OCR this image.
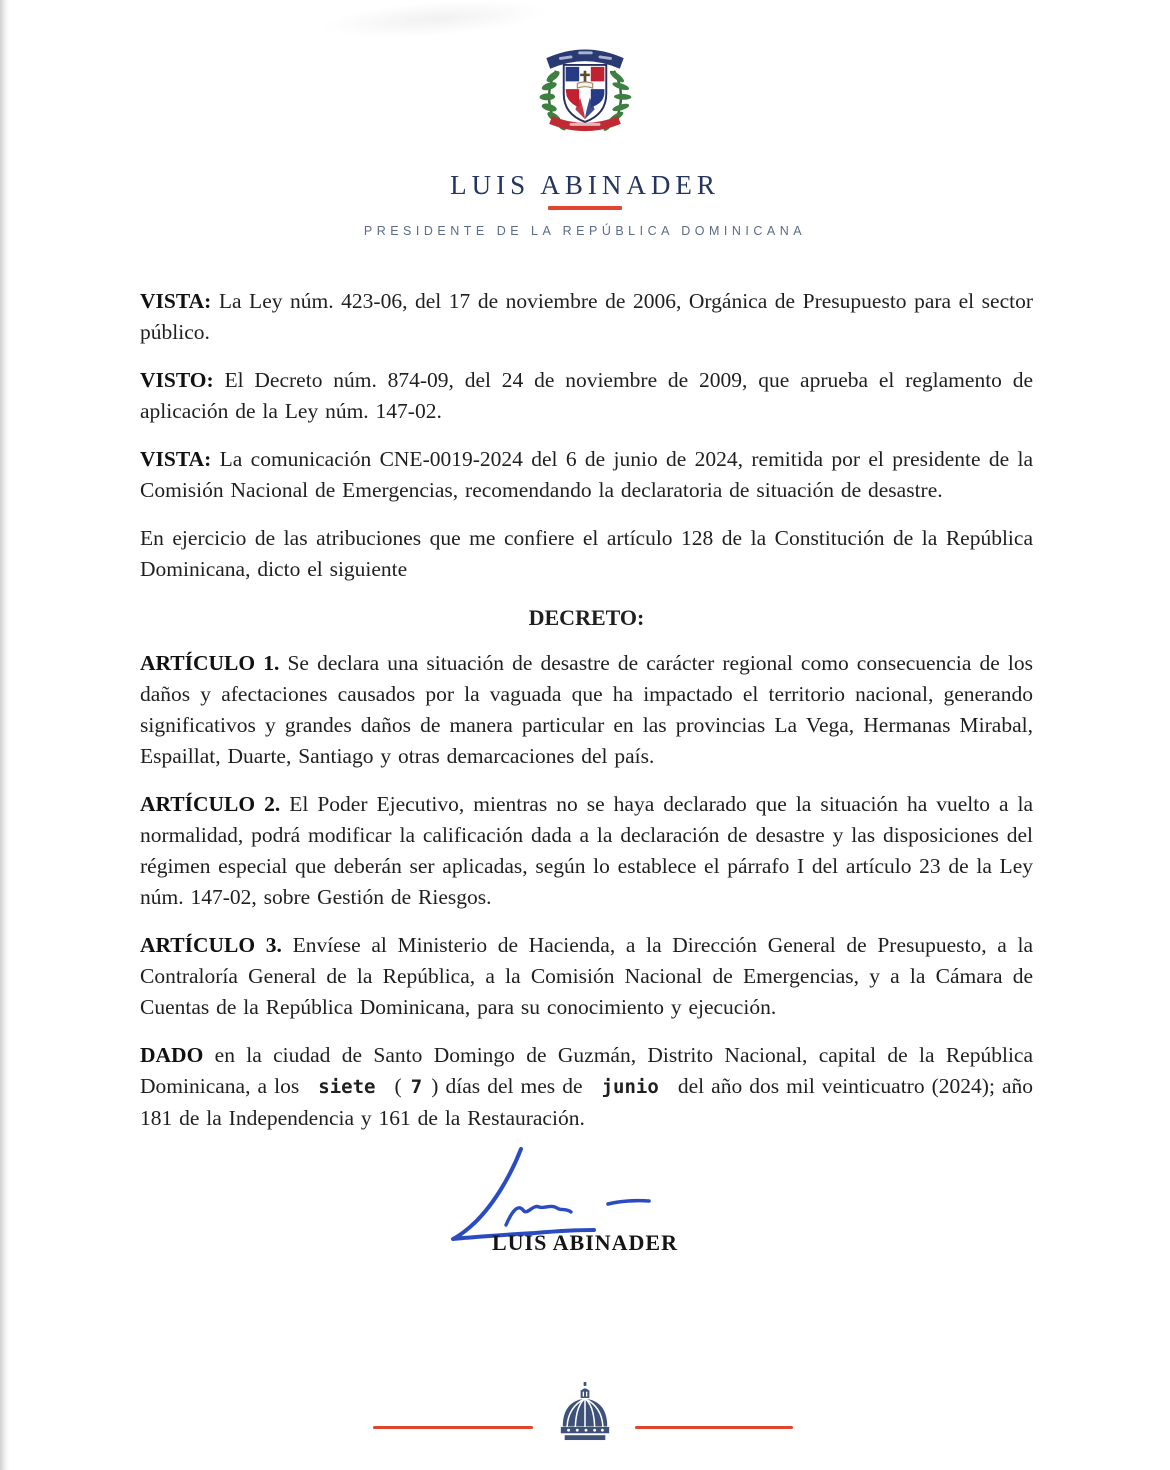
LUIS ABINADER
PRESIDENTE DE LA REPÚBLICA DOMINICANA

VISTA: La Ley núm. 423-06, del 17 de noviembre de 2006, Orgánica de Presupuesto para el sector público.

VISTO: El Decreto núm. 874-09, del 24 de noviembre de 2009, que aprueba el reglamento de aplicación de la Ley núm. 147-02.

VISTA: La comunicación CNE-0019-2024 del 6 de junio de 2024, remitida por el presidente de la Comisión Nacional de Emergencias, recomendando la declaratoria de situación de desastre.

En ejercicio de las atribuciones que me confiere el artículo 128 de la Constitución de la República Dominicana, dicto el siguiente

DECRETO:

ARTÍCULO 1. Se declara una situación de desastre de carácter regional como consecuencia de los daños y afectaciones causados por la vaguada que ha impactado el territorio nacional, generando significativos y grandes daños de manera particular en las provincias La Vega, Hermanas Mirabal, Espaillat, Duarte, Santiago y otras demarcaciones del país.

ARTÍCULO 2. El Poder Ejecutivo, mientras no se haya declarado que la situación ha vuelto a la normalidad, podrá modificar la calificación dada a la declaración de desastre y las disposiciones del régimen especial que deberán ser aplicadas, según lo establece el párrafo I del artículo 23 de la Ley núm. 147-02, sobre Gestión de Riesgos.

ARTÍCULO 3. Envíese al Ministerio de Hacienda, a la Dirección General de Presupuesto, a la Contraloría General de la República, a la Comisión Nacional de Emergencias, y a la Cámara de Cuentas de la República Dominicana, para su conocimiento y ejecución.

DADO en la ciudad de Santo Domingo de Guzmán, Distrito Nacional, capital de la República Dominicana, a los siete ( 7 ) días del mes de junio del año dos mil veinticuatro (2024); año 181 de la Independencia y 161 de la Restauración.

LUIS ABINADER
